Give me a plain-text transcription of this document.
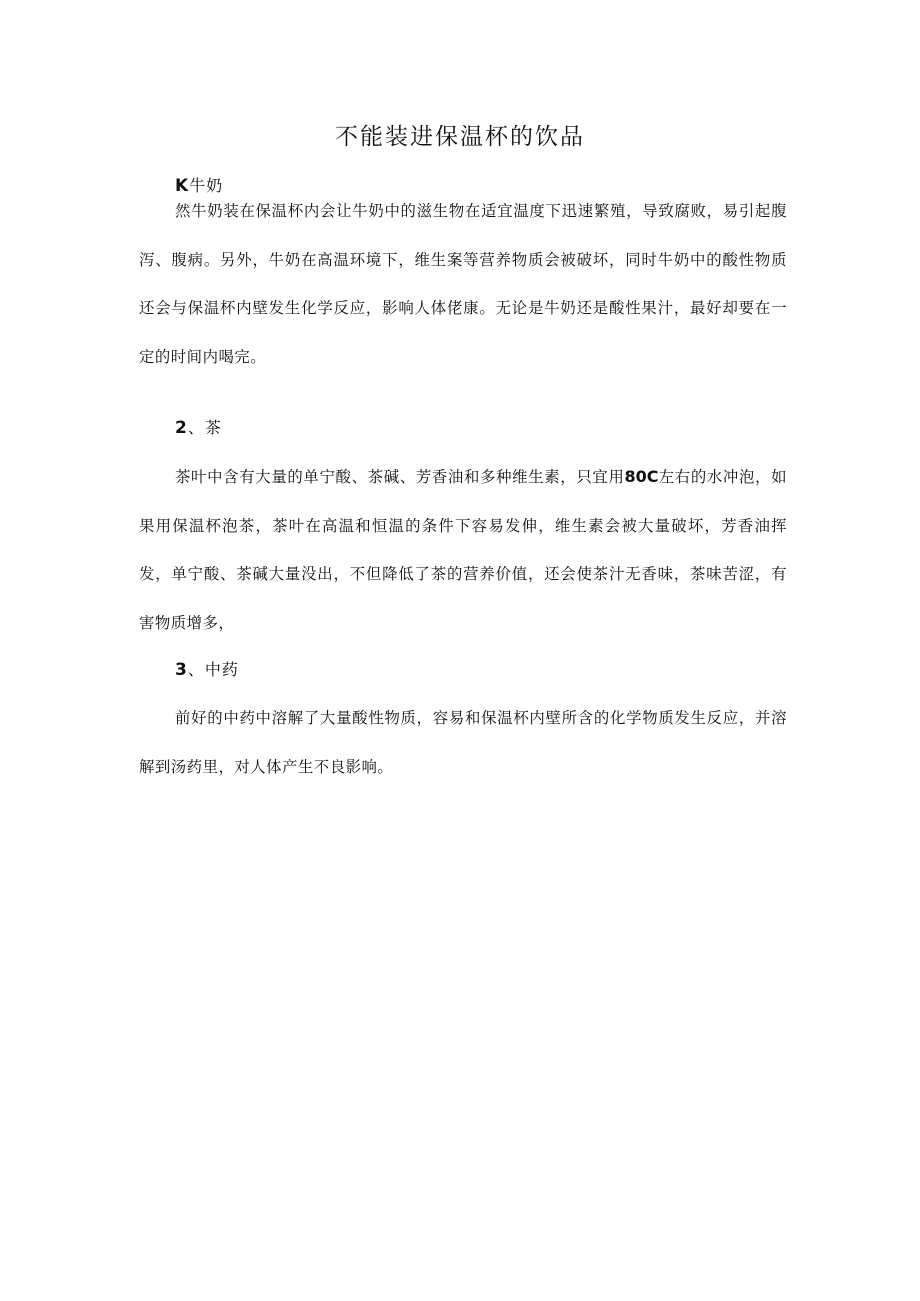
不能装进保温杯的饮品

K牛奶

然牛奶装在保温杯内会让牛奶中的滋生物在适宜温度下迅速繁殖，导致腐败，易引起腹泻、腹病。另外，牛奶在高温环境下，维生案等营养物质会被破坏，同时牛奶中的酸性物质还会与保温杯内壁发生化学反应，影响人体佬康。无论是牛奶还是酸性果汁，最好却要在一定的时间内喝完。

2、茶

茶叶中含有大量的单宁酸、茶碱、芳香油和多种维生素，只宜用80C左右的水冲泡，如果用保温杯泡茶，茶叶在高温和恒温的条件下容易发伸，维生素会被大量破坏，芳香油挥发，单宁酸、茶碱大量没出，不但降低了茶的营养价值，还会使茶汁无香味，茶味苦涩，有害物质增多，

3、中药

前好的中药中溶解了大量酸性物质，容易和保温杯内壁所含的化学物质发生反应，并溶解到汤药里，对人体产生不良影响。
